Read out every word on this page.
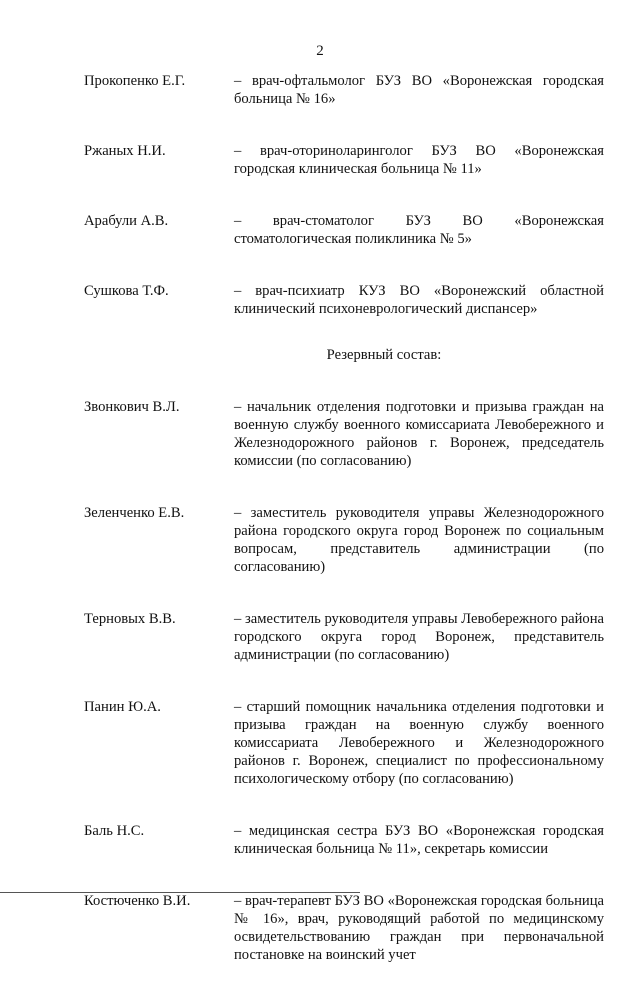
2
Прокопенко Е.Г.	– врач-офтальмолог БУЗ ВО «Воронежская городская больница № 16»
Ржаных Н.И.	– врач-оториноларинголог БУЗ ВО «Воронежская городская клиническая больница № 11»
Арабули А.В.	– врач-стоматолог БУЗ ВО «Воронежская стоматологическая поликлиника № 5»
Сушкова Т.Ф.	– врач-психиатр КУЗ ВО «Воронежский областной клинический психоневрологический диспансер»
Резервный состав:
Звонкович В.Л.	– начальник отделения подготовки и призыва граждан на военную службу военного комиссариата Левобережного и Железнодорожного районов г. Воронеж, председатель комиссии (по согласованию)
Зеленченко Е.В.	– заместитель руководителя управы Железнодорожного района городского округа город Воронеж по социальным вопросам, представитель администрации (по согласованию)
Терновых В.В.	– заместитель руководителя управы Левобережного района городского округа город Воронеж, представитель администрации (по согласованию)
Панин Ю.А.	– старший помощник начальника отделения подготовки и призыва граждан на военную службу военного комиссариата Левобережного и Железнодорожного районов г. Воронеж, специалист по профессиональному психологическому отбору (по согласованию)
Баль Н.С.	– медицинская сестра БУЗ ВО «Воронежская городская клиническая больница № 11», секретарь комиссии
Костюченко В.И.	– врач-терапевт БУЗ ВО «Воронежская городская больница № 16», врач, руководящий работой по медицинскому освидетельствованию граждан при первоначальной постановке на воинский учет
